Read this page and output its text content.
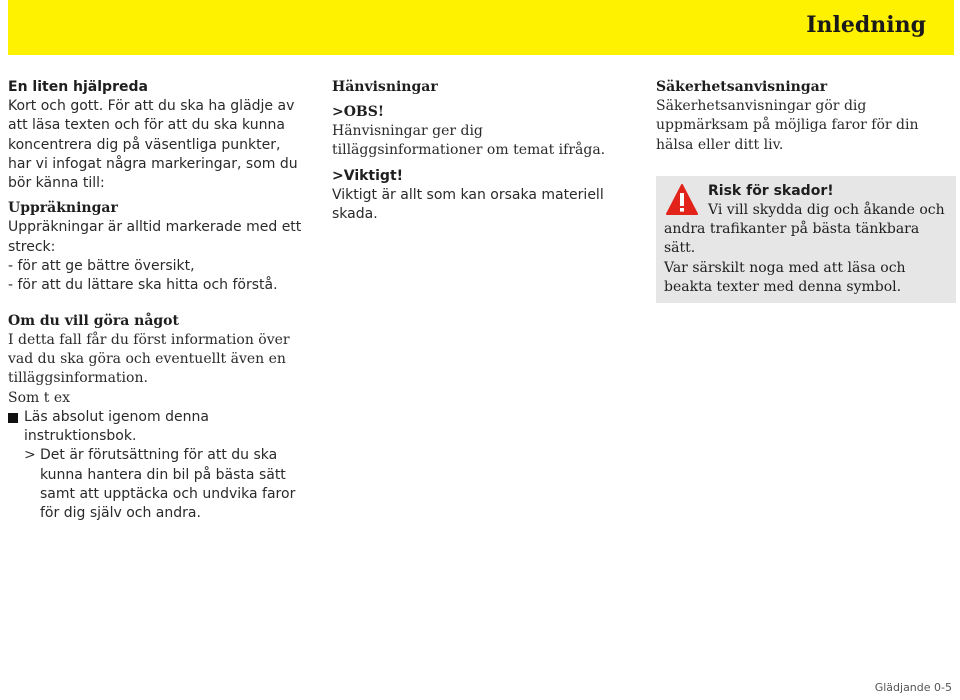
Inledning

En liten hjälpreda

Kort och gott. För att du ska ha glädje av att läsa texten och för att du ska kunna koncentrera dig på väsentliga punkter, har vi infogat några markeringar, som du bör känna till:

Uppräkningar

Uppräkningar är alltid markerade med ett streck:

- för att ge bättre översikt,

- för att du lättare ska hitta och förstå.

Om du vill göra något

I detta fall får du först information över vad du ska göra och eventuellt även en tilläggsinformation.

Som t ex

Läs absolut igenom denna

instruktionsbok.

> Det är förutsättning för att du ska kunna hantera din bil på bästa sätt samt att upptäcka och undvika faror för dig själv och andra.

Hänvisningar

>OBS!

Hänvisningar ger dig tilläggsinformationer om temat ifråga.

>Viktigt!

Viktigt är allt som kan orsaka materiell skada.

Säkerhetsanvisningar

Säkerhetsanvisningar gör dig uppmärksam på möjliga faror för din hälsa eller ditt liv.

Risk för skador!
Vi vill skydda dig och åkande och
andra trafikanter på bästa tänkbara sätt.
Var särskilt noga med att läsa och beakta texter med denna symbol.
Glädjande 0-5
